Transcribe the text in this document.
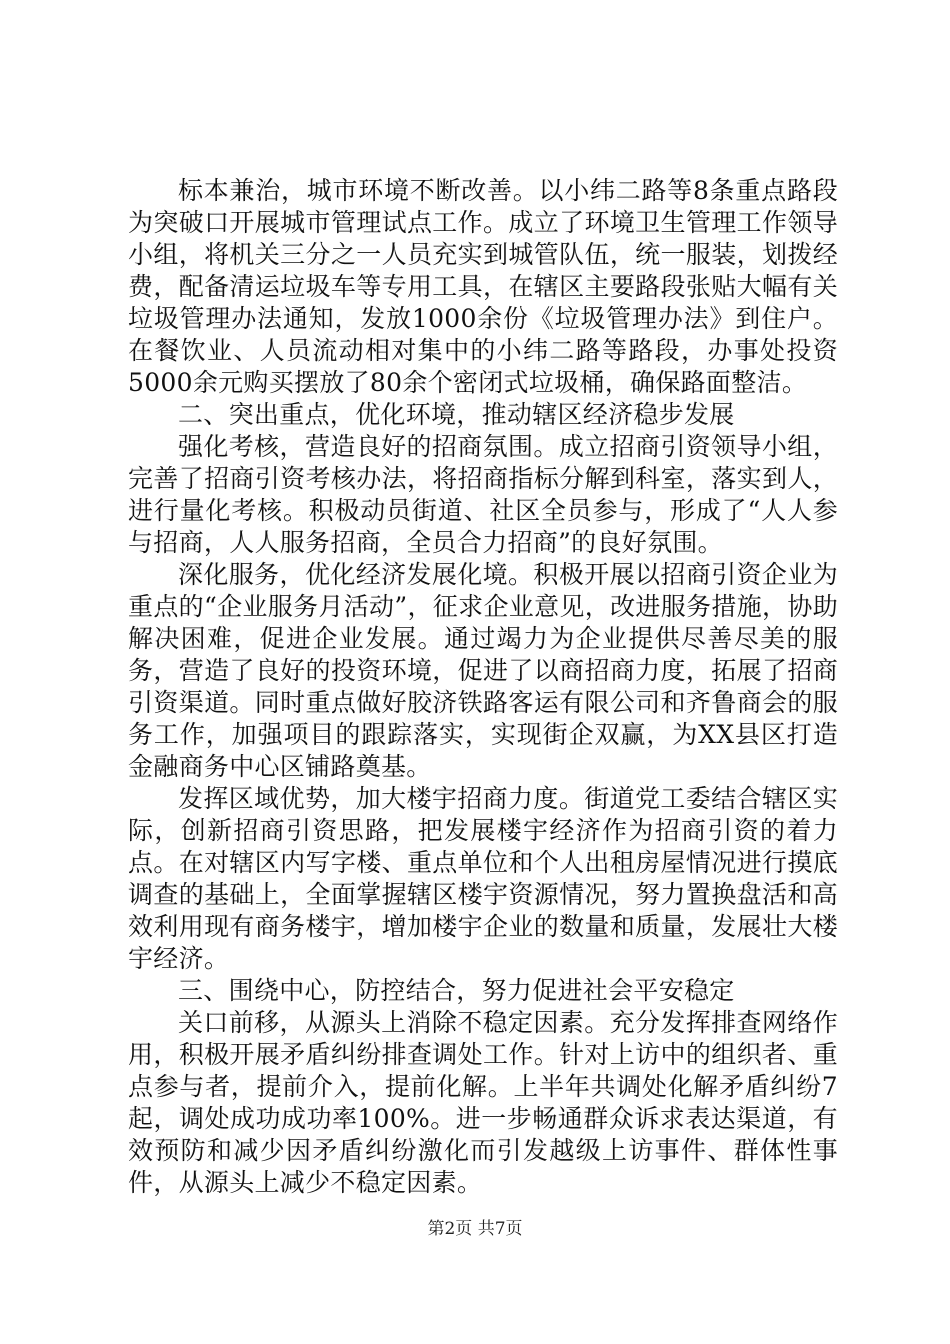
标本兼治，城市环境不断改善。以小纬二路等8条重点路段为突破口开展城市管理试点工作。成立了环境卫生管理工作领导小组，将机关三分之一人员充实到城管队伍，统一服装，划拨经费，配备清运垃圾车等专用工具，在辖区主要路段张贴大幅有关垃圾管理办法通知，发放1000余份《垃圾管理办法》到住户。在餐饮业、人员流动相对集中的小纬二路等路段，办事处投资5000余元购买摆放了80余个密闭式垃圾桶，确保路面整洁。

二、突出重点，优化环境，推动辖区经济稳步发展

强化考核，营造良好的招商氛围。成立招商引资领导小组，完善了招商引资考核办法，将招商指标分解到科室，落实到人，进行量化考核。积极动员街道、社区全员参与，形成了“人人参与招商，人人服务招商，全员合力招商”的良好氛围。

深化服务，优化经济发展化境。积极开展以招商引资企业为重点的“企业服务月活动”，征求企业意见，改进服务措施，协助解决困难，促进企业发展。通过竭力为企业提供尽善尽美的服务，营造了良好的投资环境，促进了以商招商力度，拓展了招商引资渠道。同时重点做好胶济铁路客运有限公司和齐鲁商会的服务工作，加强项目的跟踪落实，实现街企双赢，为XX县区打造金融商务中心区铺路奠基。

发挥区域优势，加大楼宇招商力度。街道党工委结合辖区实际，创新招商引资思路，把发展楼宇经济作为招商引资的着力点。在对辖区内写字楼、重点单位和个人出租房屋情况进行摸底调查的基础上，全面掌握辖区楼宇资源情况，努力置换盘活和高效利用现有商务楼宇，增加楼宇企业的数量和质量，发展壮大楼宇经济。

三、围绕中心，防控结合，努力促进社会平安稳定

关口前移，从源头上消除不稳定因素。充分发挥排查网络作用，积极开展矛盾纠纷排查调处工作。针对上访中的组织者、重点参与者，提前介入，提前化解。上半年共调处化解矛盾纠纷7起，调处成功成功率100%。进一步畅通群众诉求表达渠道，有效预防和减少因矛盾纠纷激化而引发越级上访事件、群体性事件，从源头上减少不稳定因素。

第2页 共7页
